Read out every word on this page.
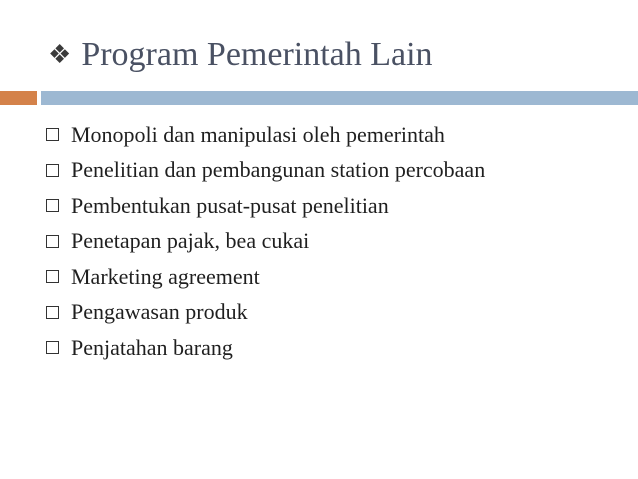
❖ Program Pemerintah Lain
Monopoli dan manipulasi oleh pemerintah
Penelitian dan pembangunan station percobaan
Pembentukan pusat-pusat penelitian
Penetapan pajak, bea cukai
Marketing agreement
Pengawasan produk
Penjatahan barang
